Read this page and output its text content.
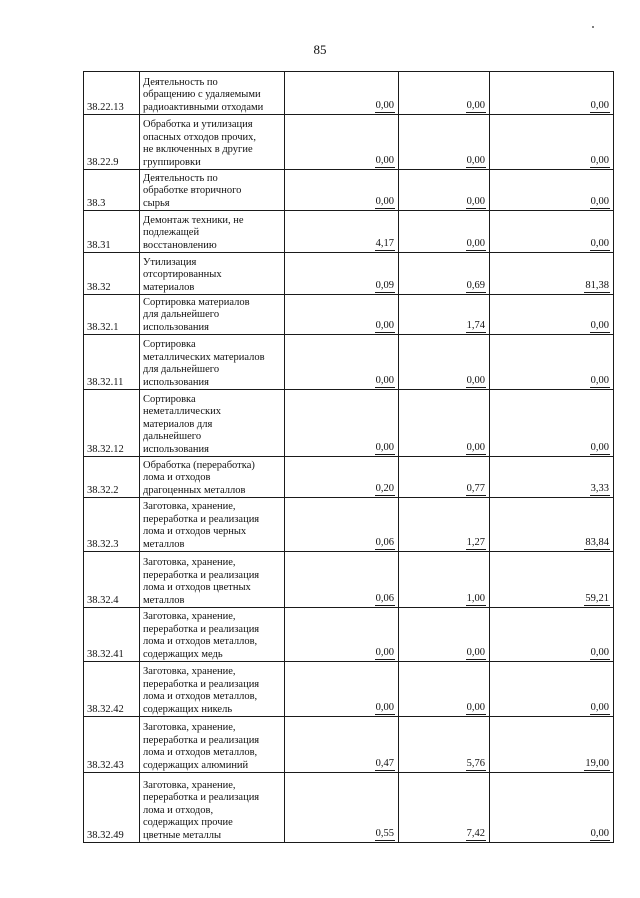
85
38.22.13	Деятельность по
обращению с удаляемыми
радиоактивными отходами	0,00	0,00	0,00
38.22.9	Обработка и утилизация
опасных отходов прочих,
не включенных в другие
группировки	0,00	0,00	0,00
38.3	Деятельность по
обработке вторичного
сырья	0,00	0,00	0,00
38.31	Демонтаж техники, не
подлежащей
восстановлению	4,17	0,00	0,00
38.32	Утилизация
отсортированных
материалов	0,09	0,69	81,38
38.32.1	Сортировка материалов
для дальнейшего
использования	0,00	1,74	0,00
38.32.11	Сортировка
металлических материалов
для дальнейшего
использования	0,00	0,00	0,00
38.32.12	Сортировка
неметаллических
материалов для
дальнейшего
использования	0,00	0,00	0,00
38.32.2	Обработка (переработка)
лома и отходов
драгоценных металлов	0,20	0,77	3,33
38.32.3	Заготовка, хранение,
переработка и реализация
лома и отходов черных
металлов	0,06	1,27	83,84
38.32.4	Заготовка, хранение,
переработка и реализация
лома и отходов цветных
металлов	0,06	1,00	59,21
38.32.41	Заготовка, хранение,
переработка и реализация
лома и отходов металлов,
содержащих медь	0,00	0,00	0,00
38.32.42	Заготовка, хранение,
переработка и реализация
лома и отходов металлов,
содержащих никель	0,00	0,00	0,00
38.32.43	Заготовка, хранение,
переработка и реализация
лома и отходов металлов,
содержащих алюминий	0,47	5,76	19,00
38.32.49	Заготовка, хранение,
переработка и реализация
лома и отходов,
содержащих прочие
цветные металлы	0,55	7,42	0,00
